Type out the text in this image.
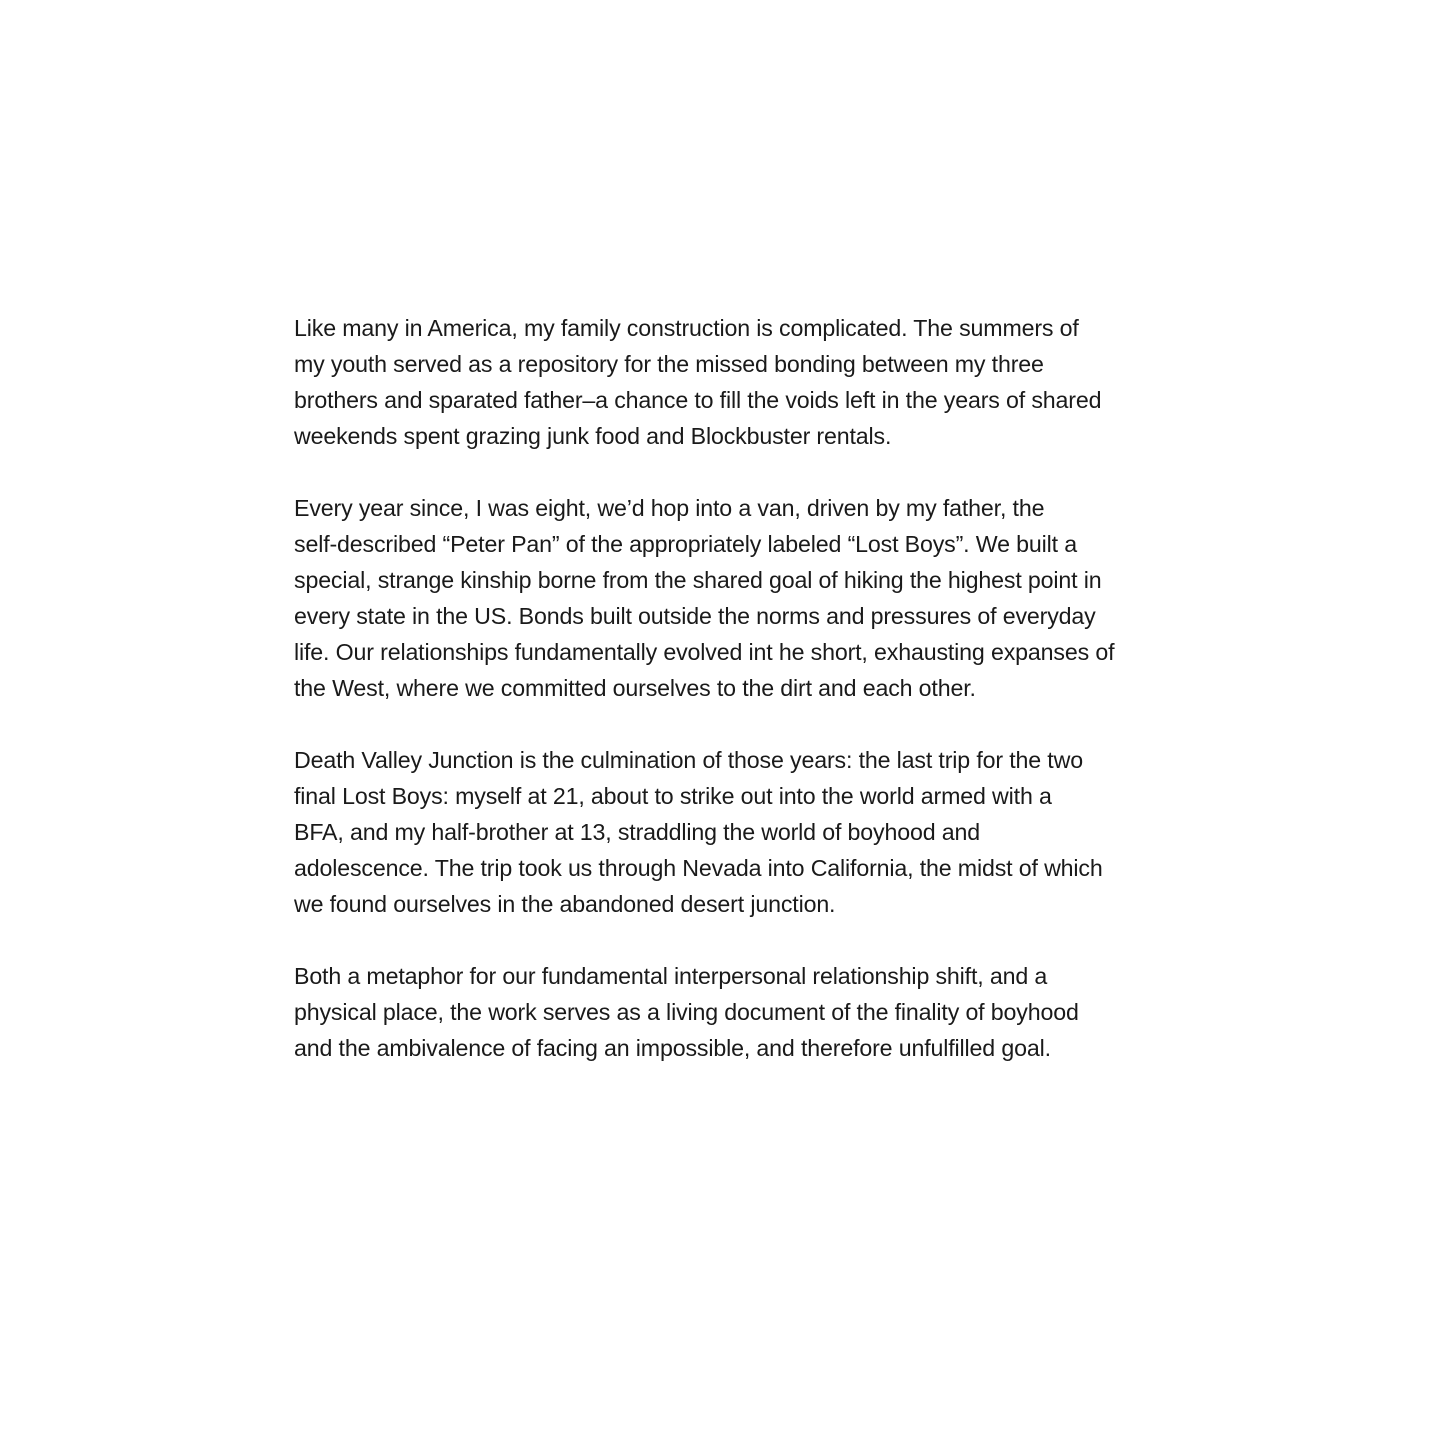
Like many in America, my family construction is complicated. The summers of
my youth served as a repository for the missed bonding between my three
brothers and sparated father–a chance to fill the voids left in the years of shared
weekends spent grazing junk food and Blockbuster rentals.

Every year since, I was eight, we’d hop into a van, driven by my father, the
self-described “Peter Pan” of the appropriately labeled “Lost Boys”. We built a
special, strange kinship borne from the shared goal of hiking the highest point in
every state in the US. Bonds built outside the norms and pressures of everyday
life. Our relationships fundamentally evolved int he short, exhausting expanses of
the West, where we committed ourselves to the dirt and each other.

Death Valley Junction is the culmination of those years: the last trip for the two
final Lost Boys: myself at 21, about to strike out into the world armed with a
BFA, and my half-brother at 13, straddling the world of boyhood and
adolescence. The trip took us through Nevada into California, the midst of which
we found ourselves in the abandoned desert junction.

Both a metaphor for our fundamental interpersonal relationship shift, and a
physical place, the work serves as a living document of the finality of boyhood
and the ambivalence of facing an impossible, and therefore unfulfilled goal.
